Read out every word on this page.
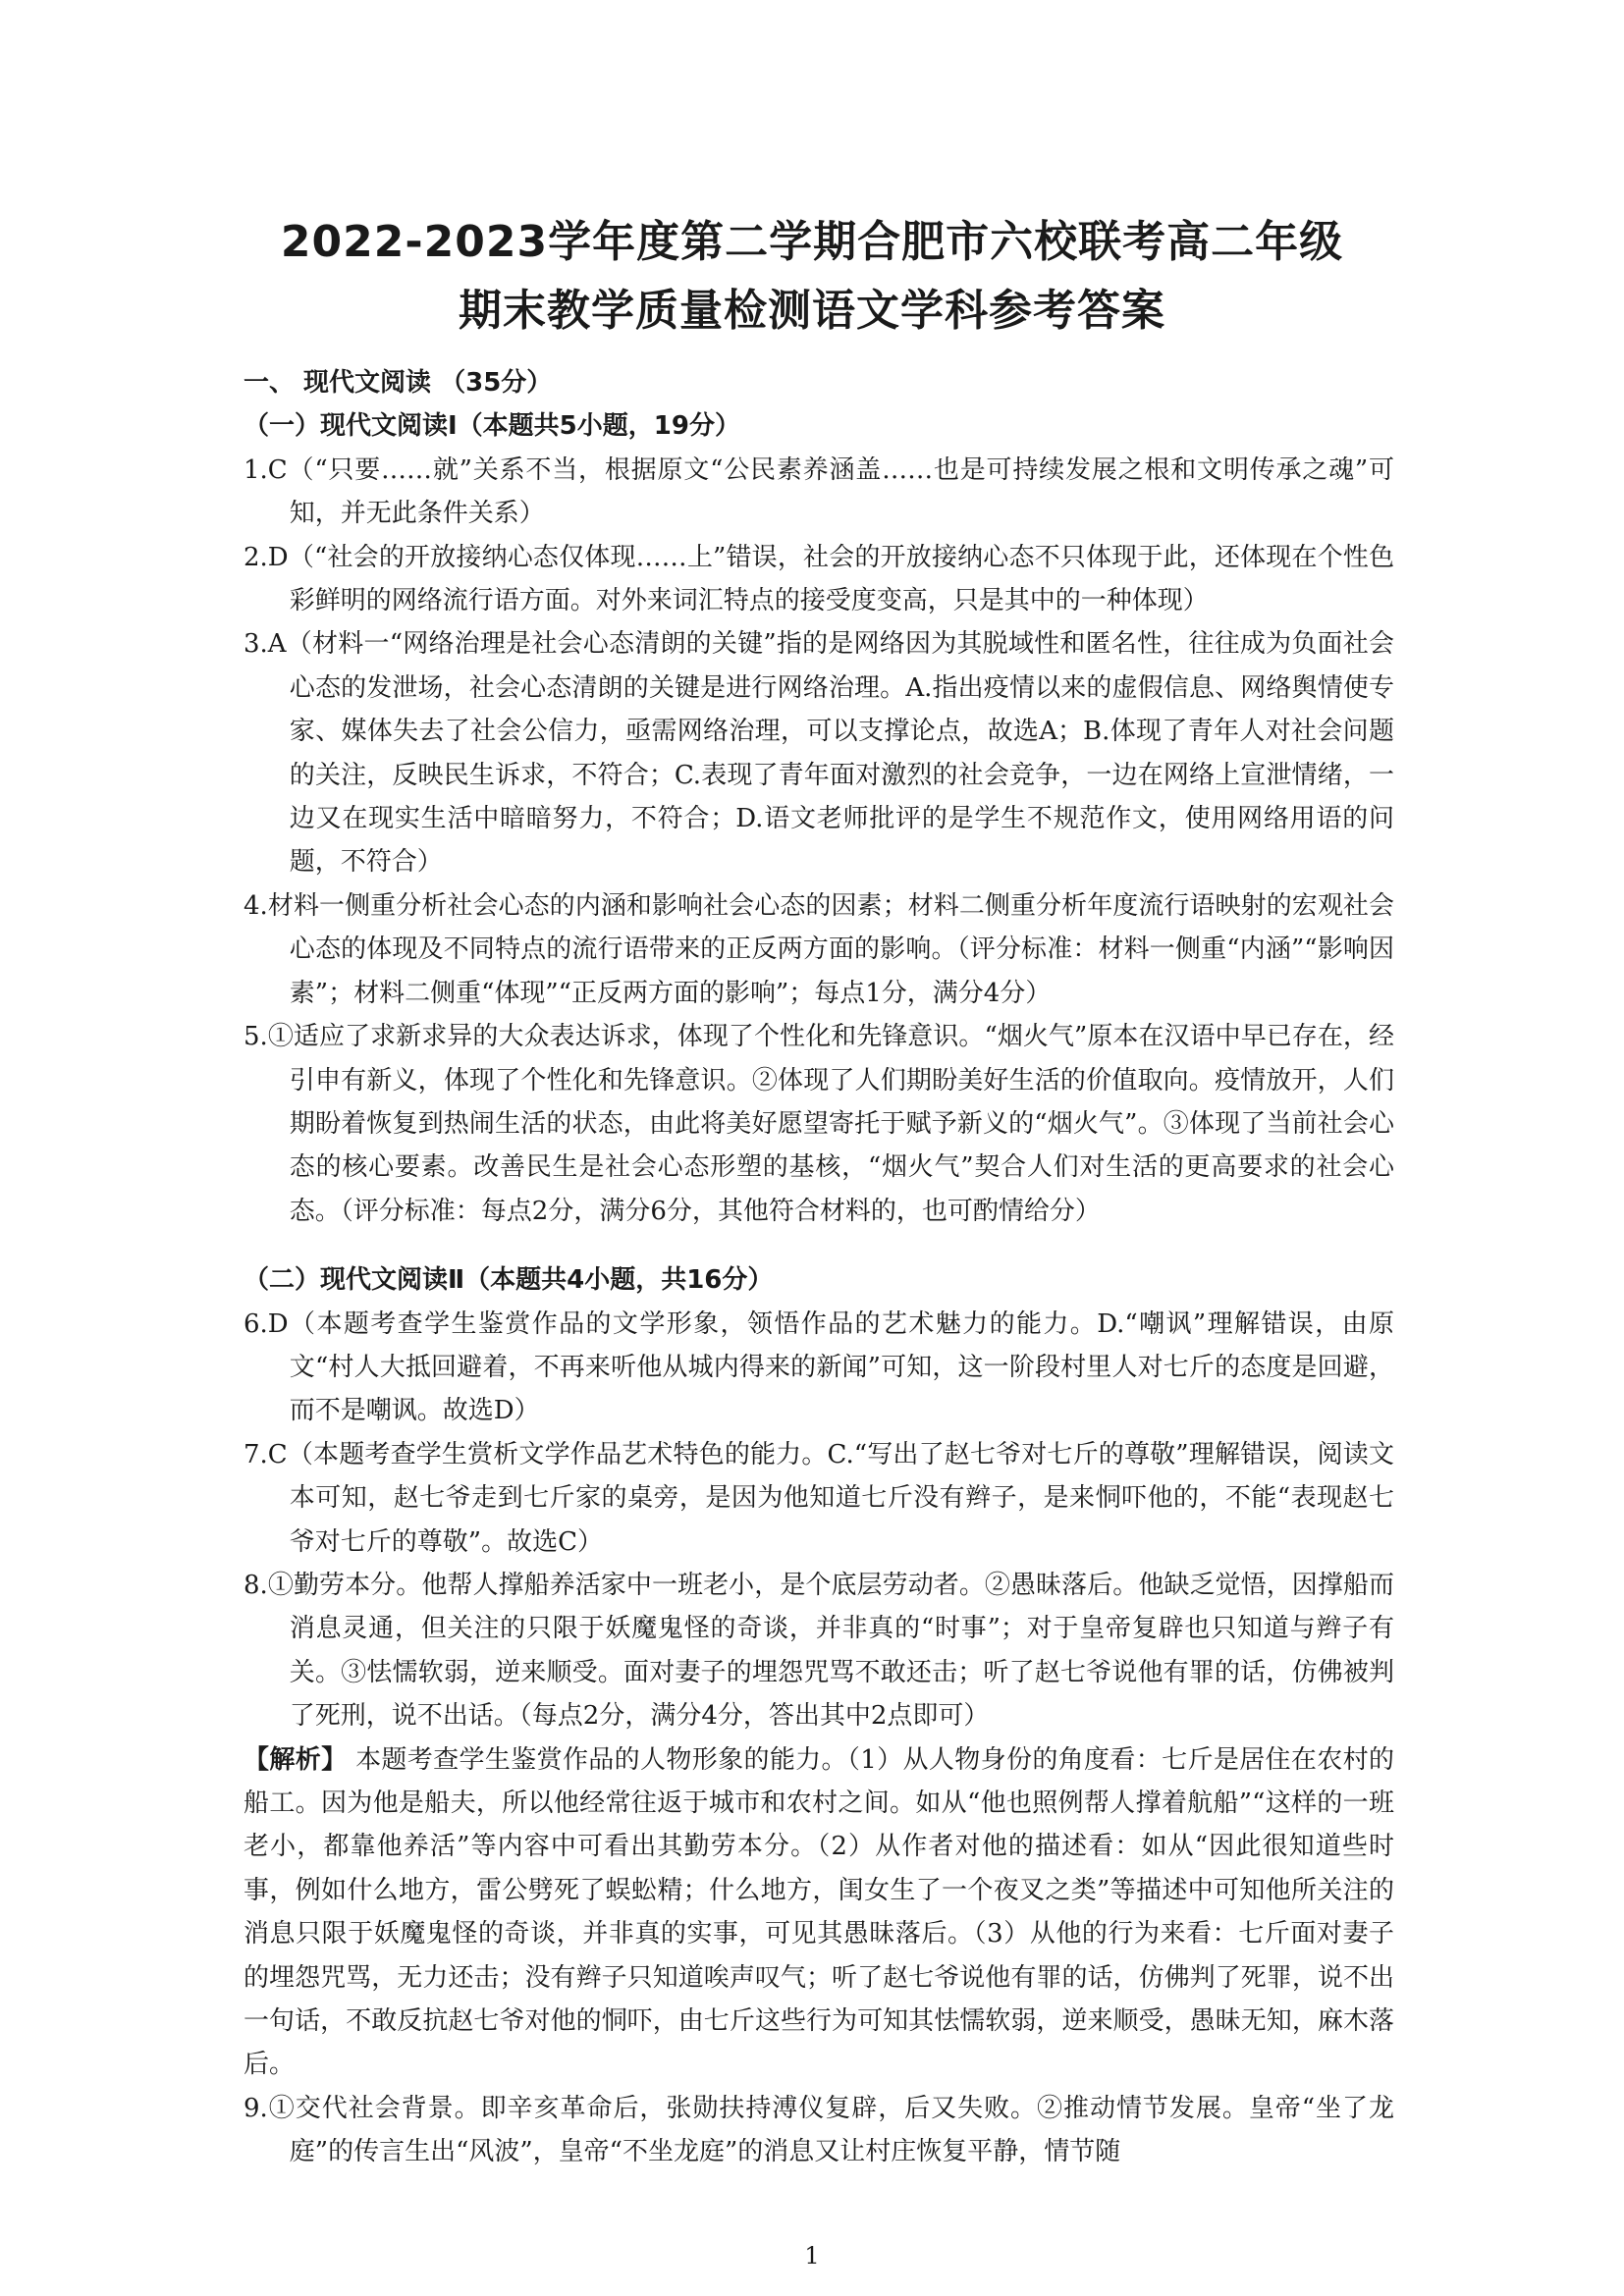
2022-2023学年度第二学期合肥市六校联考高二年级
期末教学质量检测语文学科参考答案

一、 现代文阅读 （35分）

（一）现代文阅读Ⅰ（本题共5小题，19分）

1.C（“只要……就”关系不当，根据原文“公民素养涵盖……也是可持续发展之根和文明传承之魂”可知，并无此条件关系）

2.D（“社会的开放接纳心态仅体现……上”错误，社会的开放接纳心态不只体现于此，还体现在个性色彩鲜明的网络流行语方面。对外来词汇特点的接受度变高，只是其中的一种体现）

3.A（材料一“网络治理是社会心态清朗的关键”指的是网络因为其脱域性和匿名性，往往成为负面社会心态的发泄场，社会心态清朗的关键是进行网络治理。A.指出疫情以来的虚假信息、网络舆情使专家、媒体失去了社会公信力，亟需网络治理，可以支撑论点，故选A；B.体现了青年人对社会问题的关注，反映民生诉求，不符合；C.表现了青年面对激烈的社会竞争，一边在网络上宣泄情绪，一边又在现实生活中暗暗努力，不符合；D.语文老师批评的是学生不规范作文，使用网络用语的问题，不符合）

4.材料一侧重分析社会心态的内涵和影响社会心态的因素；材料二侧重分析年度流行语映射的宏观社会心态的体现及不同特点的流行语带来的正反两方面的影响。（评分标准：材料一侧重“内涵”“影响因素”；材料二侧重“体现”“正反两方面的影响”；每点1分，满分4分）

5.①适应了求新求异的大众表达诉求，体现了个性化和先锋意识。“烟火气”原本在汉语中早已存在，经引申有新义，体现了个性化和先锋意识。②体现了人们期盼美好生活的价值取向。疫情放开，人们期盼着恢复到热闹生活的状态，由此将美好愿望寄托于赋予新义的“烟火气”。③体现了当前社会心态的核心要素。改善民生是社会心态形塑的基核，“烟火气”契合人们对生活的更高要求的社会心态。（评分标准：每点2分，满分6分，其他符合材料的，也可酌情给分）

（二）现代文阅读Ⅱ（本题共4小题，共16分）

6.D（本题考查学生鉴赏作品的文学形象，领悟作品的艺术魅力的能力。D.“嘲讽”理解错误，由原文“村人大抵回避着，不再来听他从城内得来的新闻”可知，这一阶段村里人对七斤的态度是回避，而不是嘲讽。故选D）

7.C（本题考查学生赏析文学作品艺术特色的能力。C.“写出了赵七爷对七斤的尊敬”理解错误，阅读文本可知，赵七爷走到七斤家的桌旁，是因为他知道七斤没有辫子，是来恫吓他的，不能“表现赵七爷对七斤的尊敬”。故选C）

8.①勤劳本分。他帮人撑船养活家中一班老小，是个底层劳动者。②愚昧落后。他缺乏觉悟，因撑船而消息灵通，但关注的只限于妖魔鬼怪的奇谈，并非真的“时事”；对于皇帝复辟也只知道与辫子有关。③怯懦软弱，逆来顺受。面对妻子的埋怨咒骂不敢还击；听了赵七爷说他有罪的话，仿佛被判了死刑，说不出话。（每点2分，满分4分，答出其中2点即可）

【解析】 本题考查学生鉴赏作品的人物形象的能力。（1）从人物身份的角度看：七斤是居住在农村的船工。因为他是船夫，所以他经常往返于城市和农村之间。如从“他也照例帮人撑着航船”“这样的一班老小，都靠他养活”等内容中可看出其勤劳本分。（2）从作者对他的描述看：如从“因此很知道些时事，例如什么地方，雷公劈死了蜈蚣精；什么地方，闺女生了一个夜叉之类”等描述中可知他所关注的消息只限于妖魔鬼怪的奇谈，并非真的实事，可见其愚昧落后。（3）从他的行为来看：七斤面对妻子的埋怨咒骂，无力还击；没有辫子只知道唉声叹气；听了赵七爷说他有罪的话，仿佛判了死罪，说不出一句话，不敢反抗赵七爷对他的恫吓，由七斤这些行为可知其怯懦软弱，逆来顺受，愚昧无知，麻木落后。

9.①交代社会背景。即辛亥革命后，张勋扶持溥仪复辟，后又失败。②推动情节发展。皇帝“坐了龙庭”的传言生出“风波”，皇帝“不坐龙庭”的消息又让村庄恢复平静，情节随

1
